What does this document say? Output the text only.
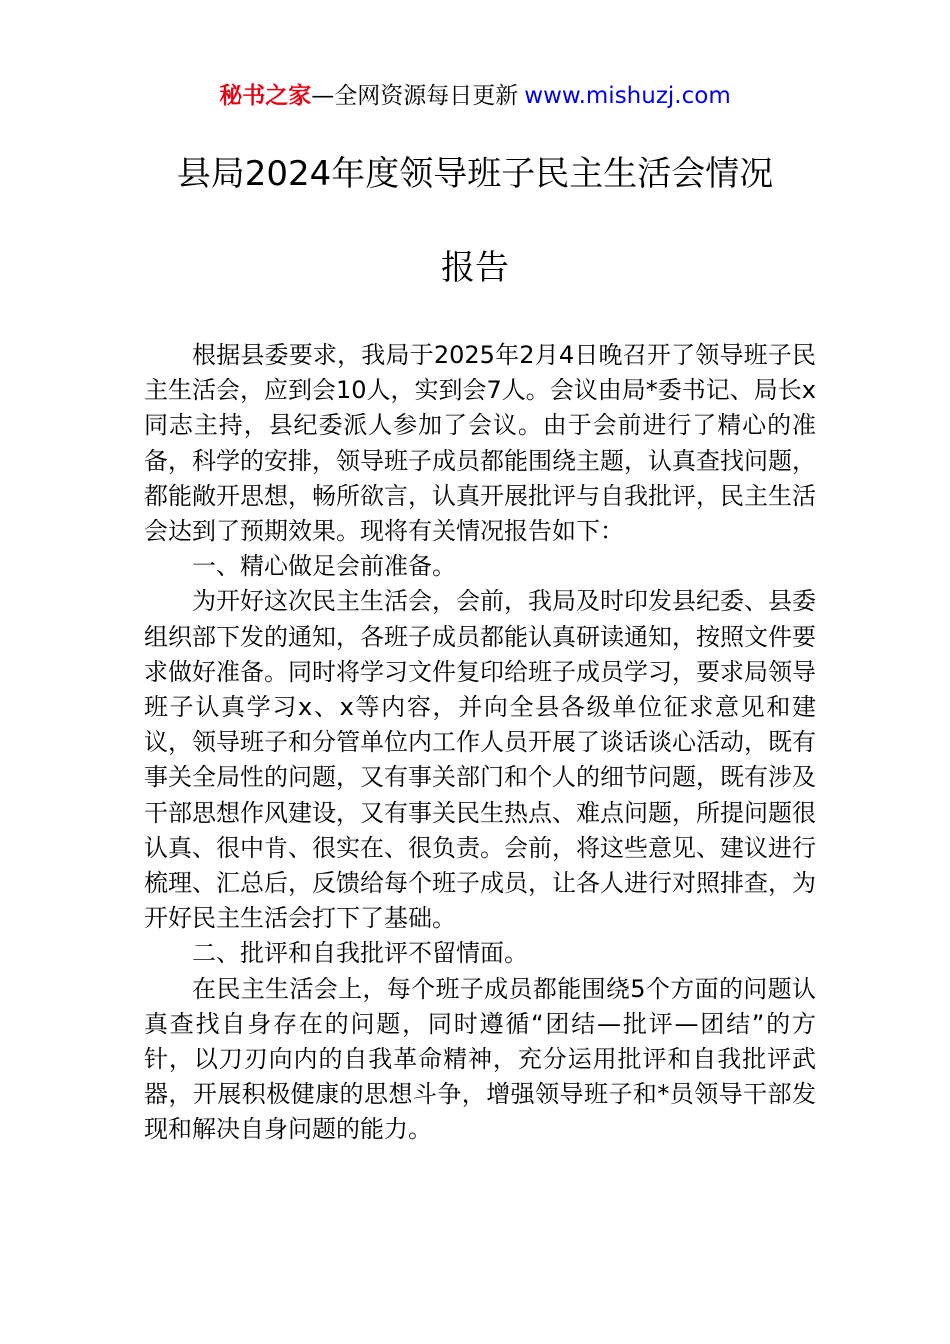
秘书之家—全网资源每日更新 www.mishuzj.com
县局2024年度领导班子民主生活会情况
报告

根据县委要求，我局于2025年2月4日晚召开了领导班子民主生活会，应到会10人，实到会7人。会议由局*委书记、局长x同志主持，县纪委派人参加了会议。由于会前进行了精心的准备，科学的安排，领导班子成员都能围绕主题，认真查找问题，都能敞开思想，畅所欲言，认真开展批评与自我批评，民主生活会达到了预期效果。现将有关情况报告如下：

一、精心做足会前准备。

为开好这次民主生活会，会前，我局及时印发县纪委、县委组织部下发的通知，各班子成员都能认真研读通知，按照文件要求做好准备。同时将学习文件复印给班子成员学习，要求局领导班子认真学习x、x等内容，并向全县各级单位征求意见和建议，领导班子和分管单位内工作人员开展了谈话谈心活动，既有事关全局性的问题，又有事关部门和个人的细节问题，既有涉及干部思想作风建设，又有事关民生热点、难点问题，所提问题很认真、很中肯、很实在、很负责。会前，将这些意见、建议进行梳理、汇总后，反馈给每个班子成员，让各人进行对照排查，为开好民主生活会打下了基础。

二、批评和自我批评不留情面。

在民主生活会上，每个班子成员都能围绕5个方面的问题认真查找自身存在的问题，同时遵循“团结—批评—团结”的方针，以刀刃向内的自我革命精神，充分运用批评和自我批评武器，开展积极健康的思想斗争，增强领导班子和*员领导干部发现和解决自身问题的能力。
